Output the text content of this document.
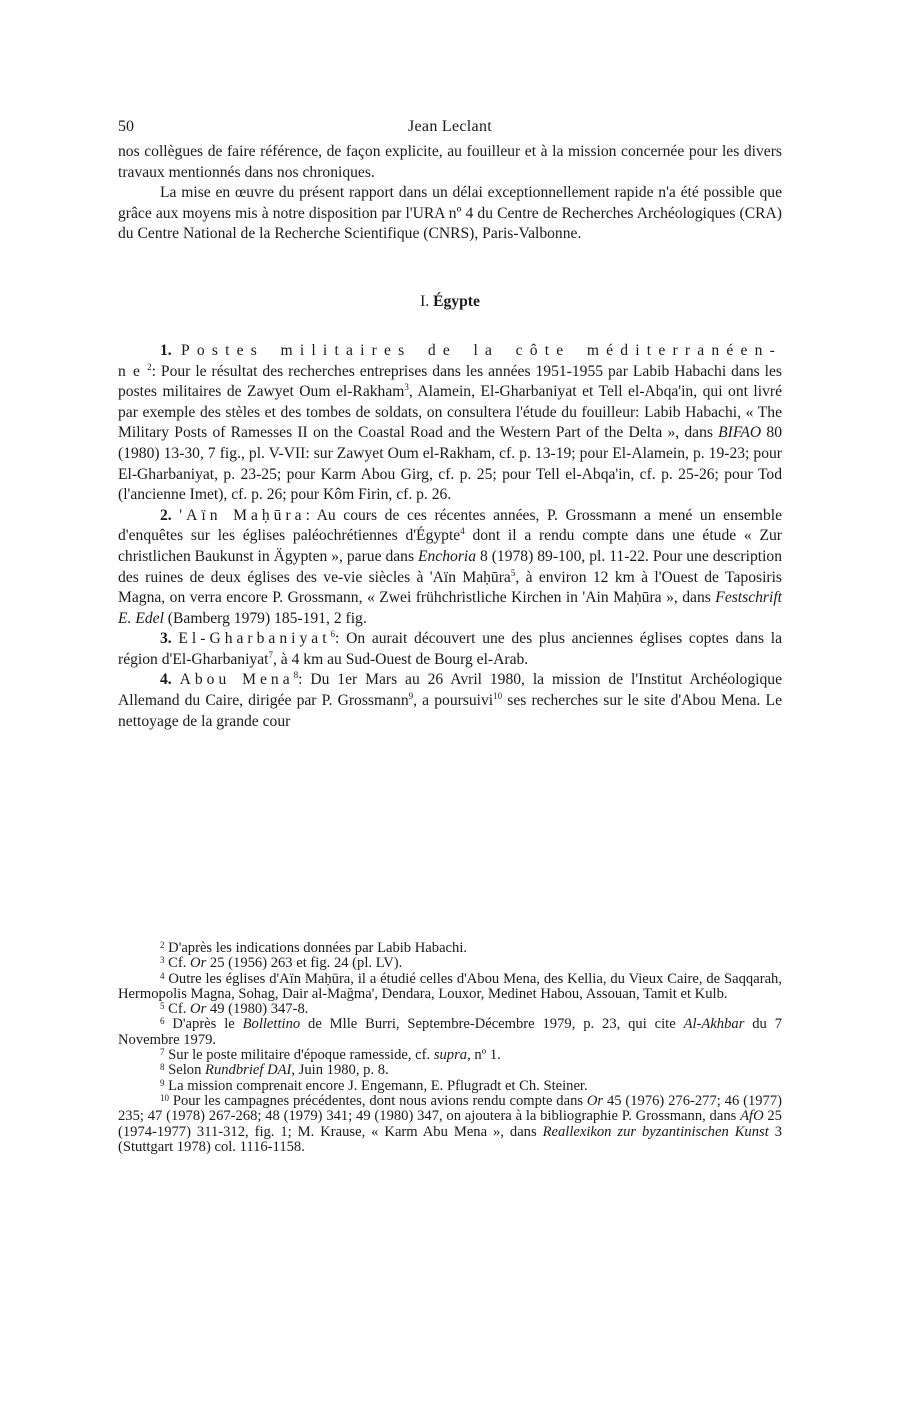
50	Jean Leclant

nos collègues de faire référence, de façon explicite, au fouilleur et à la mission concernée pour les divers travaux mentionnés dans nos chroniques.

La mise en œuvre du présent rapport dans un délai exceptionnellement rapide n'a été possible que grâce aux moyens mis à notre disposition par l'URA nº 4 du Centre de Recherches Archéologiques (CRA) du Centre National de la Recherche Scientifique (CNRS), Paris-Valbonne.

I. Égypte

1. Postes militaires de la côte méditerranéen-$ne^2$: Pour le résultat des recherches entreprises dans les années 1951-1955 par Labib Habachi dans les postes militaires de Zawyet Oum el-Rakham$^3$, Alamein, El-Gharbaniyat et Tell el-Abqa'in, qui ont livré par exemple des stèles et des tombes de soldats, on consultera l'étude du fouilleur: Labib Habachi, « The Military Posts of Ramesses II on the Coastal Road and the Western Part of the Delta », dans BIFAO 80 (1980) 13-30, 7 fig., pl. V-VII: sur Zawyet Oum el-Rakham, cf. p. 13-19; pour El-Alamein, p. 19-23; pour El-Gharbaniyat, p. 23-25; pour Karm Abou Girg, cf. p. 25; pour Tell el-Abqa'in, cf. p. 25-26; pour Tod (l'ancienne Imet), cf. p. 26; pour Kôm Firin, cf. p. 26.

2. 'Aïn Maḥūra: Au cours de ces récentes années, P. Grossmann a mené un ensemble d'enquêtes sur les églises paléochrétiennes d'Égypte$^4$ dont il a rendu compte dans une étude « Zur christlichen Baukunst in Ägypten », parue dans Enchoria 8 (1978) 89-100, pl. 11-22. Pour une description des ruines de deux églises des ve-vie siècles à 'Aïn Maḥūra$^5$, à environ 12 km à l'Ouest de Taposiris Magna, on verra encore P. Grossmann, « Zwei frühchristliche Kirchen in 'Ain Maḥūra », dans Festschrift E. Edel (Bamberg 1979) 185-191, 2 fig.

3. El-Gharbaniyat$^6$: On aurait découvert une des plus anciennes églises coptes dans la région d'El-Gharbaniyat$^7$, à 4 km au Sud-Ouest de Bourg el-Arab.

4. Abou Mena$^8$: Du 1er Mars au 26 Avril 1980, la mission de l'Institut Archéologique Allemand du Caire, dirigée par P. Grossmann$^9$, a poursuivi$^{10}$ ses recherches sur le site d'Abou Mena. Le nettoyage de la grande cour

$^2$ D'après les indications données par Labib Habachi.

$^3$ Cf. Or 25 (1956) 263 et fig. 24 (pl. LV).

$^4$ Outre les églises d'Aïn Maḥūra, il a étudié celles d'Abou Mena, des Kellia, du Vieux Caire, de Saqqarah, Hermopolis Magna, Sohag, Dair al-Mağma', Dendara, Louxor, Medinet Habou, Assouan, Tamit et Kulb.

$^5$ Cf. Or 49 (1980) 347-8.

$^6$ D'après le Bollettino de Mlle Burri, Septembre-Décembre 1979, p. 23, qui cite Al-Akhbar du 7 Novembre 1979.

$^7$ Sur le poste militaire d'époque ramesside, cf. supra, nº 1.

$^8$ Selon Rundbrief DAI, Juin 1980, p. 8.

$^9$ La mission comprenait encore J. Engemann, E. Pflugradt et Ch. Steiner.

$^{10}$ Pour les campagnes précédentes, dont nous avions rendu compte dans Or 45 (1976) 276-277; 46 (1977) 235; 47 (1978) 267-268; 48 (1979) 341; 49 (1980) 347, on ajoutera à la bibliographie P. Grossmann, dans AfO 25 (1974-1977) 311-312, fig. 1; M. Krause, « Karm Abu Mena », dans Reallexikon zur byzantinischen Kunst 3 (Stuttgart 1978) col. 1116-1158.
